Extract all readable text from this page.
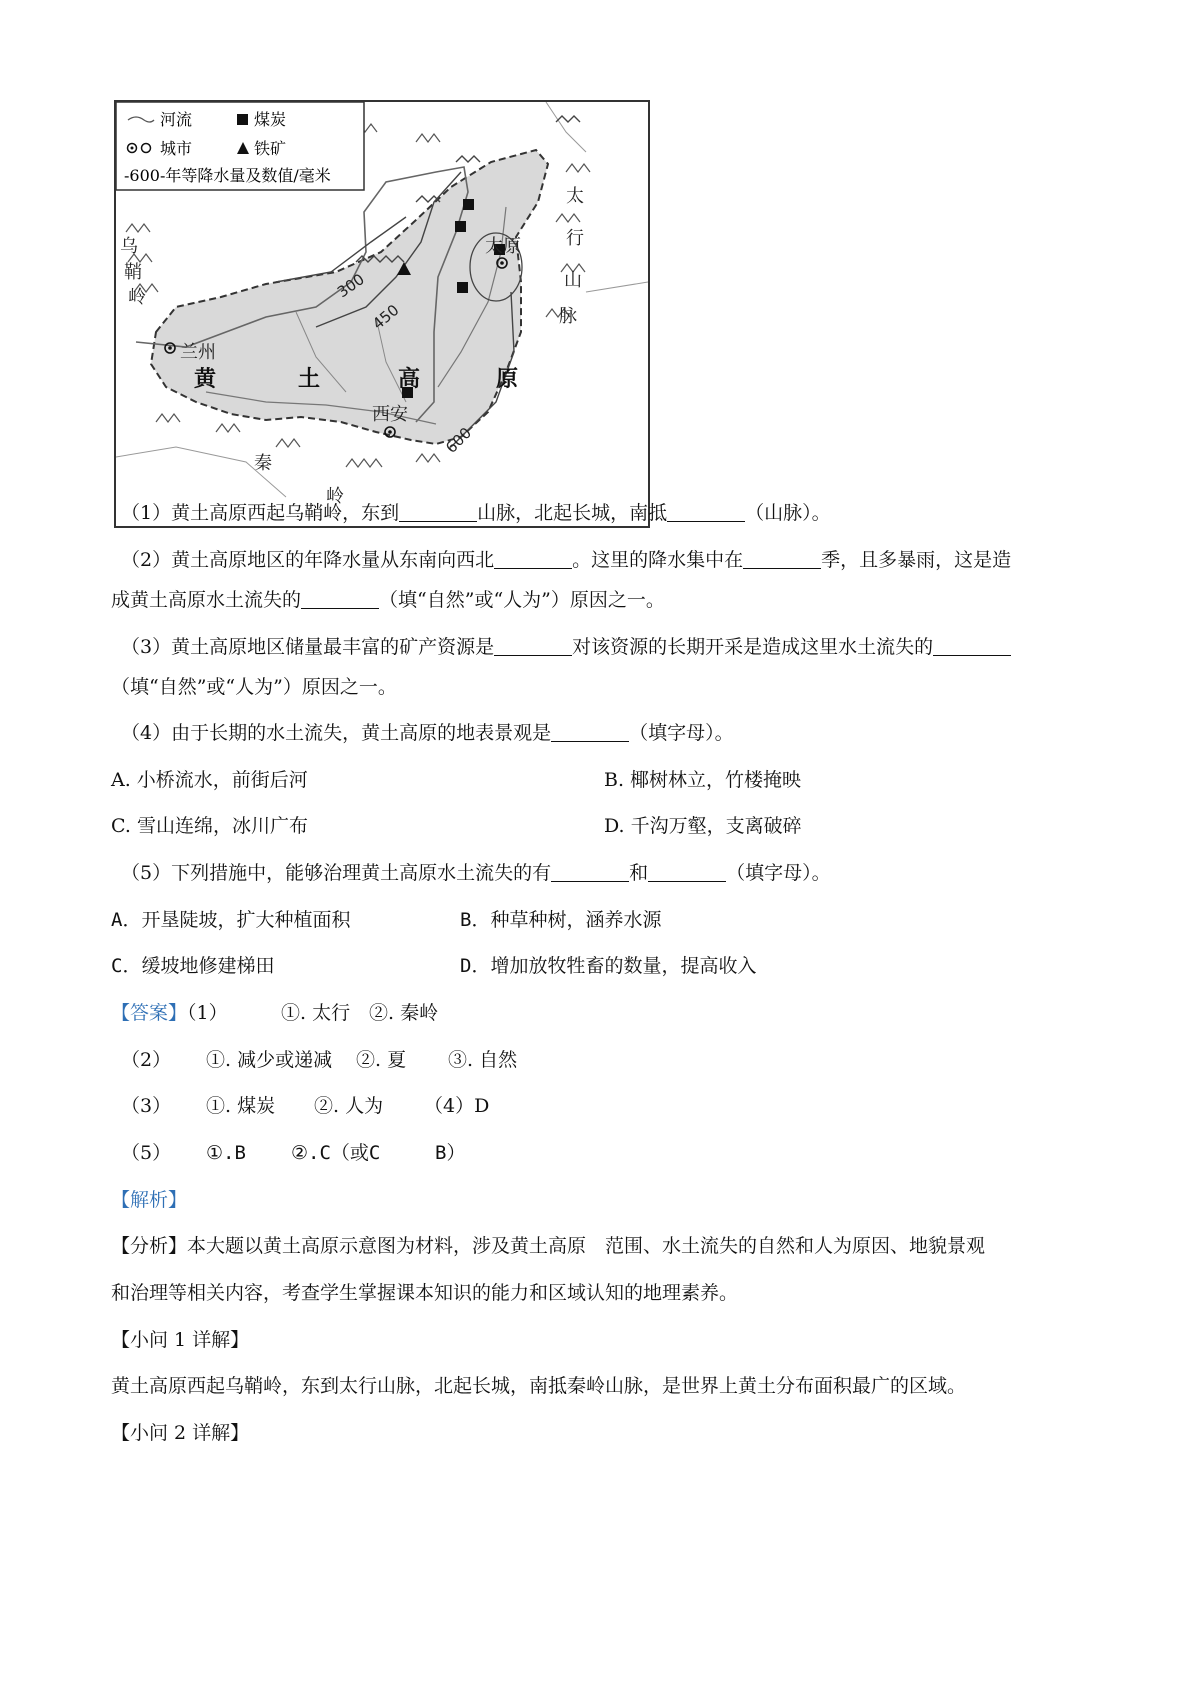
河流	煤炭
城市	铁矿
-600-年等降水量及数值/毫米
乌
鞘
岭
兰州
太原
西安
太
行
山
脉
秦
岭
黄	土	高	原
300
450
600
（1）黄土高原西起乌鞘岭，东到	山脉，北起长城，南抵	（山脉）。
（2）黄土高原地区的年降水量从东南向西北	。这里的降水集中在	季，且多暴雨，这是造
成黄土高原水土流失的	（填“自然”或“人为”）原因之一。
（3）黄土高原地区储量最丰富的矿产资源是	对该资源的长期开采是造成这里水土流失的
（填“自然”或“人为”）原因之一。
（4）由于长期的水土流失，黄土高原的地表景观是	（填字母）。
A. 小桥流水，前街后河	B. 椰树林立，竹楼掩映
C. 雪山连绵，冰川广布	D. 千沟万壑，支离破碎
（5）下列措施中，能够治理黄土高原水土流失的有	和	（填字母）。
A．开垦陡坡，扩大种植面积	B．种草种树，涵养水源
C．缓坡地修建梯田	D．增加放牧牲畜的数量，提高收入
【答案】（1）	①. 太行 ②. 秦岭
（2） ①. 减少或递减 ②. 夏 ③. 自然
（3） ①. 煤炭 ②. 人为 （4）D
（5） ①.B ②.C（或C	B）
【解析】
【分析】本大题以黄土高原示意图为材料，涉及黄土高原　范围、水土流失的自然和人为原因、地貌景观
和治理等相关内容，考查学生掌握课本知识的能力和区域认知的地理素养。
【小问 1 详解】
黄土高原西起乌鞘岭，东到太行山脉，北起长城，南抵秦岭山脉，是世界上黄土分布面积最广的区域。
【小问 2 详解】
